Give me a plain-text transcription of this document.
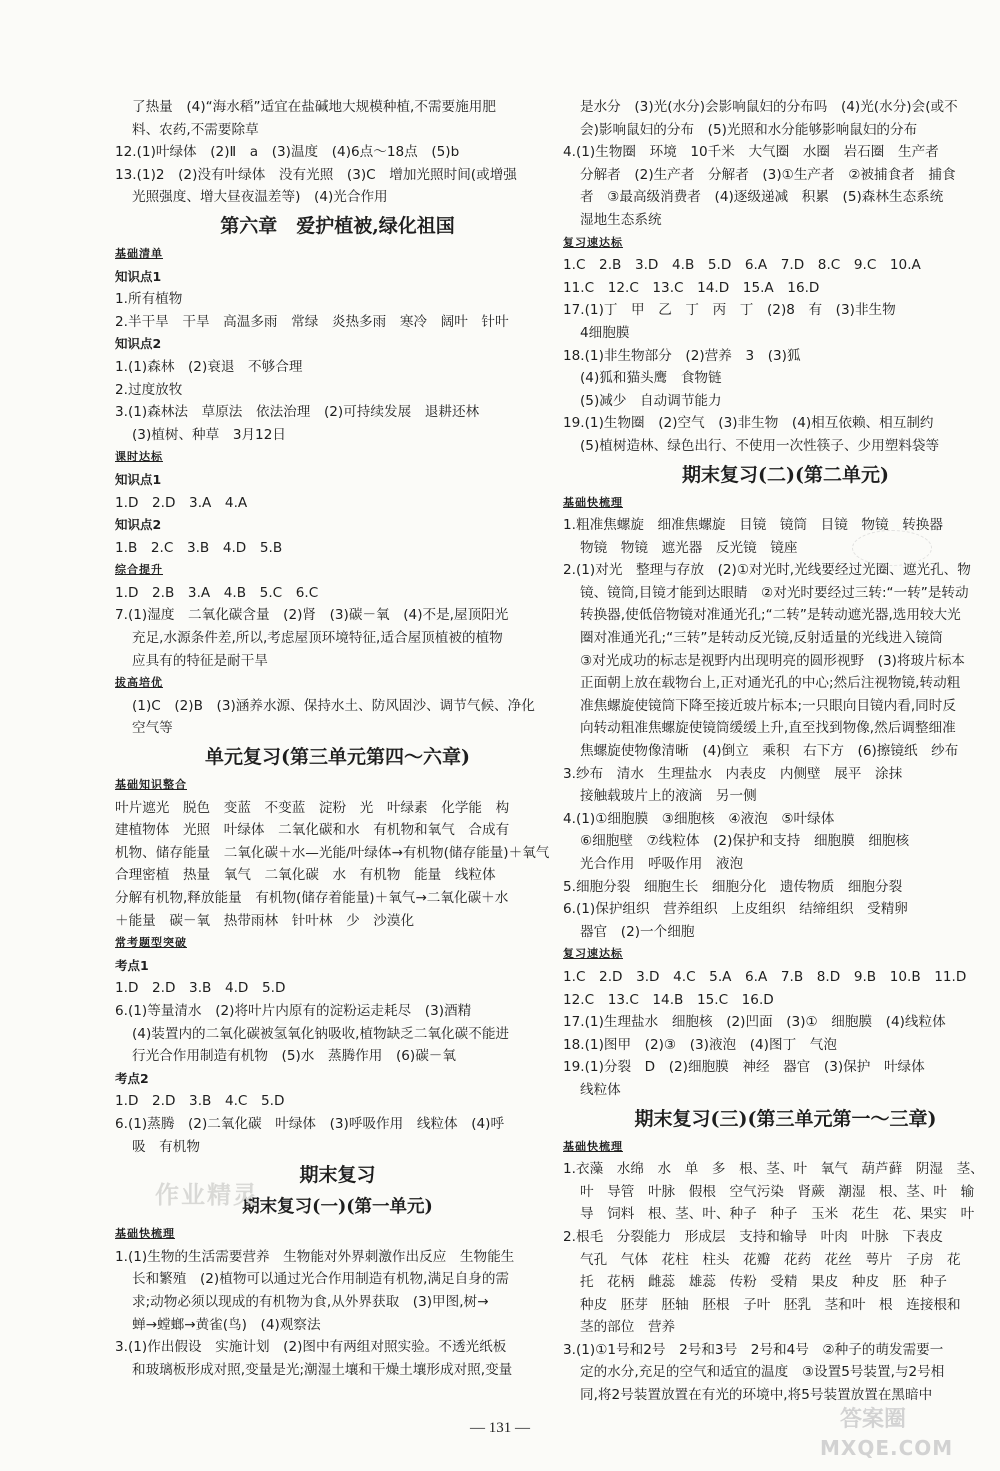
了热量　(4)“海水稻”适宜在盐碱地大规模种植,不需要施用肥
料、农药,不需要除草
12.(1)叶绿体　(2)Ⅱ　a　(3)温度　(4)6点～18点　(5)b
13.(1)2　(2)没有叶绿体　没有光照　(3)C　增加光照时间(或增强
光照强度、增大昼夜温差等)　(4)光合作用
第六章　爱护植被,绿化祖国
基础清单
知识点1
1.所有植物
2.半干旱　干旱　高温多雨　常绿　炎热多雨　寒冷　阔叶　针叶
知识点2
1.(1)森林　(2)衰退　不够合理
2.过度放牧
3.(1)森林法　草原法　依法治理　(2)可持续发展　退耕还林
(3)植树、种草　3月12日
课时达标
知识点1
1.D　2.D　3.A　4.A
知识点2
1.B　2.C　3.B　4.D　5.B
综合提升
1.D　2.B　3.A　4.B　5.C　6.C
7.(1)湿度　二氧化碳含量　(2)肾　(3)碳－氧　(4)不是,屋顶阳光
充足,水源条件差,所以,考虑屋顶环境特征,适合屋顶植被的植物
应具有的特征是耐干旱
拔高培优
(1)C　(2)B　(3)涵养水源、保持水土、防风固沙、调节气候、净化
空气等
单元复习(第三单元第四～六章)
基础知识整合
叶片遮光　脱色　变蓝　不变蓝　淀粉　光　叶绿素　化学能　构
建植物体　光照　叶绿体　二氧化碳和水　有机物和氧气　合成有
机物、储存能量　二氧化碳＋水—光能/叶绿体→有机物(储存能量)＋氧气
合理密植　热量　氧气　二氧化碳　水　有机物　能量　线粒体
分解有机物,释放能量　有机物(储存着能量)＋氧气→二氧化碳＋水
＋能量　碳－氧　热带雨林　针叶林　少　沙漠化
常考题型突破
考点1
1.D　2.D　3.B　4.D　5.D
6.(1)等量清水　(2)将叶片内原有的淀粉运走耗尽　(3)酒精
(4)装置内的二氧化碳被氢氧化钠吸收,植物缺乏二氧化碳不能进
行光合作用制造有机物　(5)水　蒸腾作用　(6)碳－氧
考点2
1.D　2.D　3.B　4.C　5.D
6.(1)蒸腾　(2)二氧化碳　叶绿体　(3)呼吸作用　线粒体　(4)呼
吸　有机物
期末复习
期末复习(一)(第一单元)
基础快梳理
1.(1)生物的生活需要营养　生物能对外界刺激作出反应　生物能生
长和繁殖　(2)植物可以通过光合作用制造有机物,满足自身的需
求;动物必须以现成的有机物为食,从外界获取　(3)甲图,树→
蝉→螳螂→黄雀(鸟)　(4)观察法
3.(1)作出假设　实施计划　(2)图中有两组对照实验。不透光纸板
和玻璃板形成对照,变量是光;潮湿土壤和干燥土壤形成对照,变量
是水分　(3)光(水分)会影响鼠妇的分布吗　(4)光(水分)会(或不
会)影响鼠妇的分布　(5)光照和水分能够影响鼠妇的分布
4.(1)生物圈　环境　10千米　大气圈　水圈　岩石圈　生产者
分解者　(2)生产者　分解者　(3)①生产者　②被捕食者　捕食
者　③最高级消费者　(4)逐级递减　积累　(5)森林生态系统
湿地生态系统
复习速达标
1.C　2.B　3.D　4.B　5.D　6.A　7.D　8.C　9.C　10.A
11.C　12.C　13.C　14.D　15.A　16.D
17.(1)丁　甲　乙　丁　丙　丁　(2)8　有　(3)非生物
4细胞膜
18.(1)非生物部分　(2)营养　3　(3)狐
(4)狐和猫头鹰　食物链
(5)减少　自动调节能力
19.(1)生物圈　(2)空气　(3)非生物　(4)相互依赖、相互制约
(5)植树造林、绿色出行、不使用一次性筷子、少用塑料袋等
期末复习(二)(第二单元)
基础快梳理
1.粗准焦螺旋　细准焦螺旋　目镜　镜筒　目镜　物镜　转换器
物镜　物镜　遮光器　反光镜　镜座
2.(1)对光　整理与存放　(2)①对光时,光线要经过光圈、遮光孔、物
镜、镜筒,目镜才能到达眼睛　②对光时要经过三转:“一转”是转动
转换器,使低倍物镜对准通光孔;“二转”是转动遮光器,选用较大光
圈对准通光孔;“三转”是转动反光镜,反射适量的光线进入镜筒
③对光成功的标志是视野内出现明亮的圆形视野　(3)将玻片标本
正面朝上放在载物台上,正对通光孔的中心;然后注视物镜,转动粗
准焦螺旋使镜筒下降至接近玻片标本;一只眼向目镜内看,同时反
向转动粗准焦螺旋使镜筒缓缓上升,直至找到物像,然后调整细准
焦螺旋使物像清晰　(4)倒立　乘积　右下方　(6)擦镜纸　纱布
3.纱布　清水　生理盐水　内表皮　内侧壁　展平　涂抹
接触载玻片上的液滴　另一侧
4.(1)①细胞膜　③细胞核　④液泡　⑤叶绿体
⑥细胞壁　⑦线粒体　(2)保护和支持　细胞膜　细胞核
光合作用　呼吸作用　液泡
5.细胞分裂　细胞生长　细胞分化　遗传物质　细胞分裂
6.(1)保护组织　营养组织　上皮组织　结缔组织　受精卵
器官　(2)一个细胞
复习速达标
1.C　2.D　3.D　4.C　5.A　6.A　7.B　8.D　9.B　10.B　11.D
12.C　13.C　14.B　15.C　16.D
17.(1)生理盐水　细胞核　(2)凹面　(3)①　细胞膜　(4)线粒体
18.(1)图甲　(2)③　(3)液泡　(4)图丁　气泡
19.(1)分裂　D　(2)细胞膜　神经　器官　(3)保护　叶绿体
线粒体
期末复习(三)(第三单元第一～三章)
基础快梳理
1.衣藻　水绵　水　单　多　根、茎、叶　氧气　葫芦藓　阴湿　茎、
叶　导管　叶脉　假根　空气污染　肾蕨　潮湿　根、茎、叶　输
导　饲料　根、茎、叶、种子　种子　玉米　花生　花、果实　叶
2.根毛　分裂能力　形成层　支持和输导　叶肉　叶脉　下表皮
气孔　气体　花柱　柱头　花瓣　花药　花丝　萼片　子房　花
托　花柄　雌蕊　雄蕊　传粉　受精　果皮　种皮　胚　种子
种皮　胚芽　胚轴　胚根　子叶　胚乳　茎和叶　根　连接根和
茎的部位　营养
3.(1)①1号和2号　2号和3号　2号和4号　②种子的萌发需要一
定的水分,充足的空气和适宜的温度　③设置5号装置,与2号相
同,将2号装置放置在有光的环境中,将5号装置放置在黑暗中
作业精灵
— 131 —	答案圈
MXQE.COM
